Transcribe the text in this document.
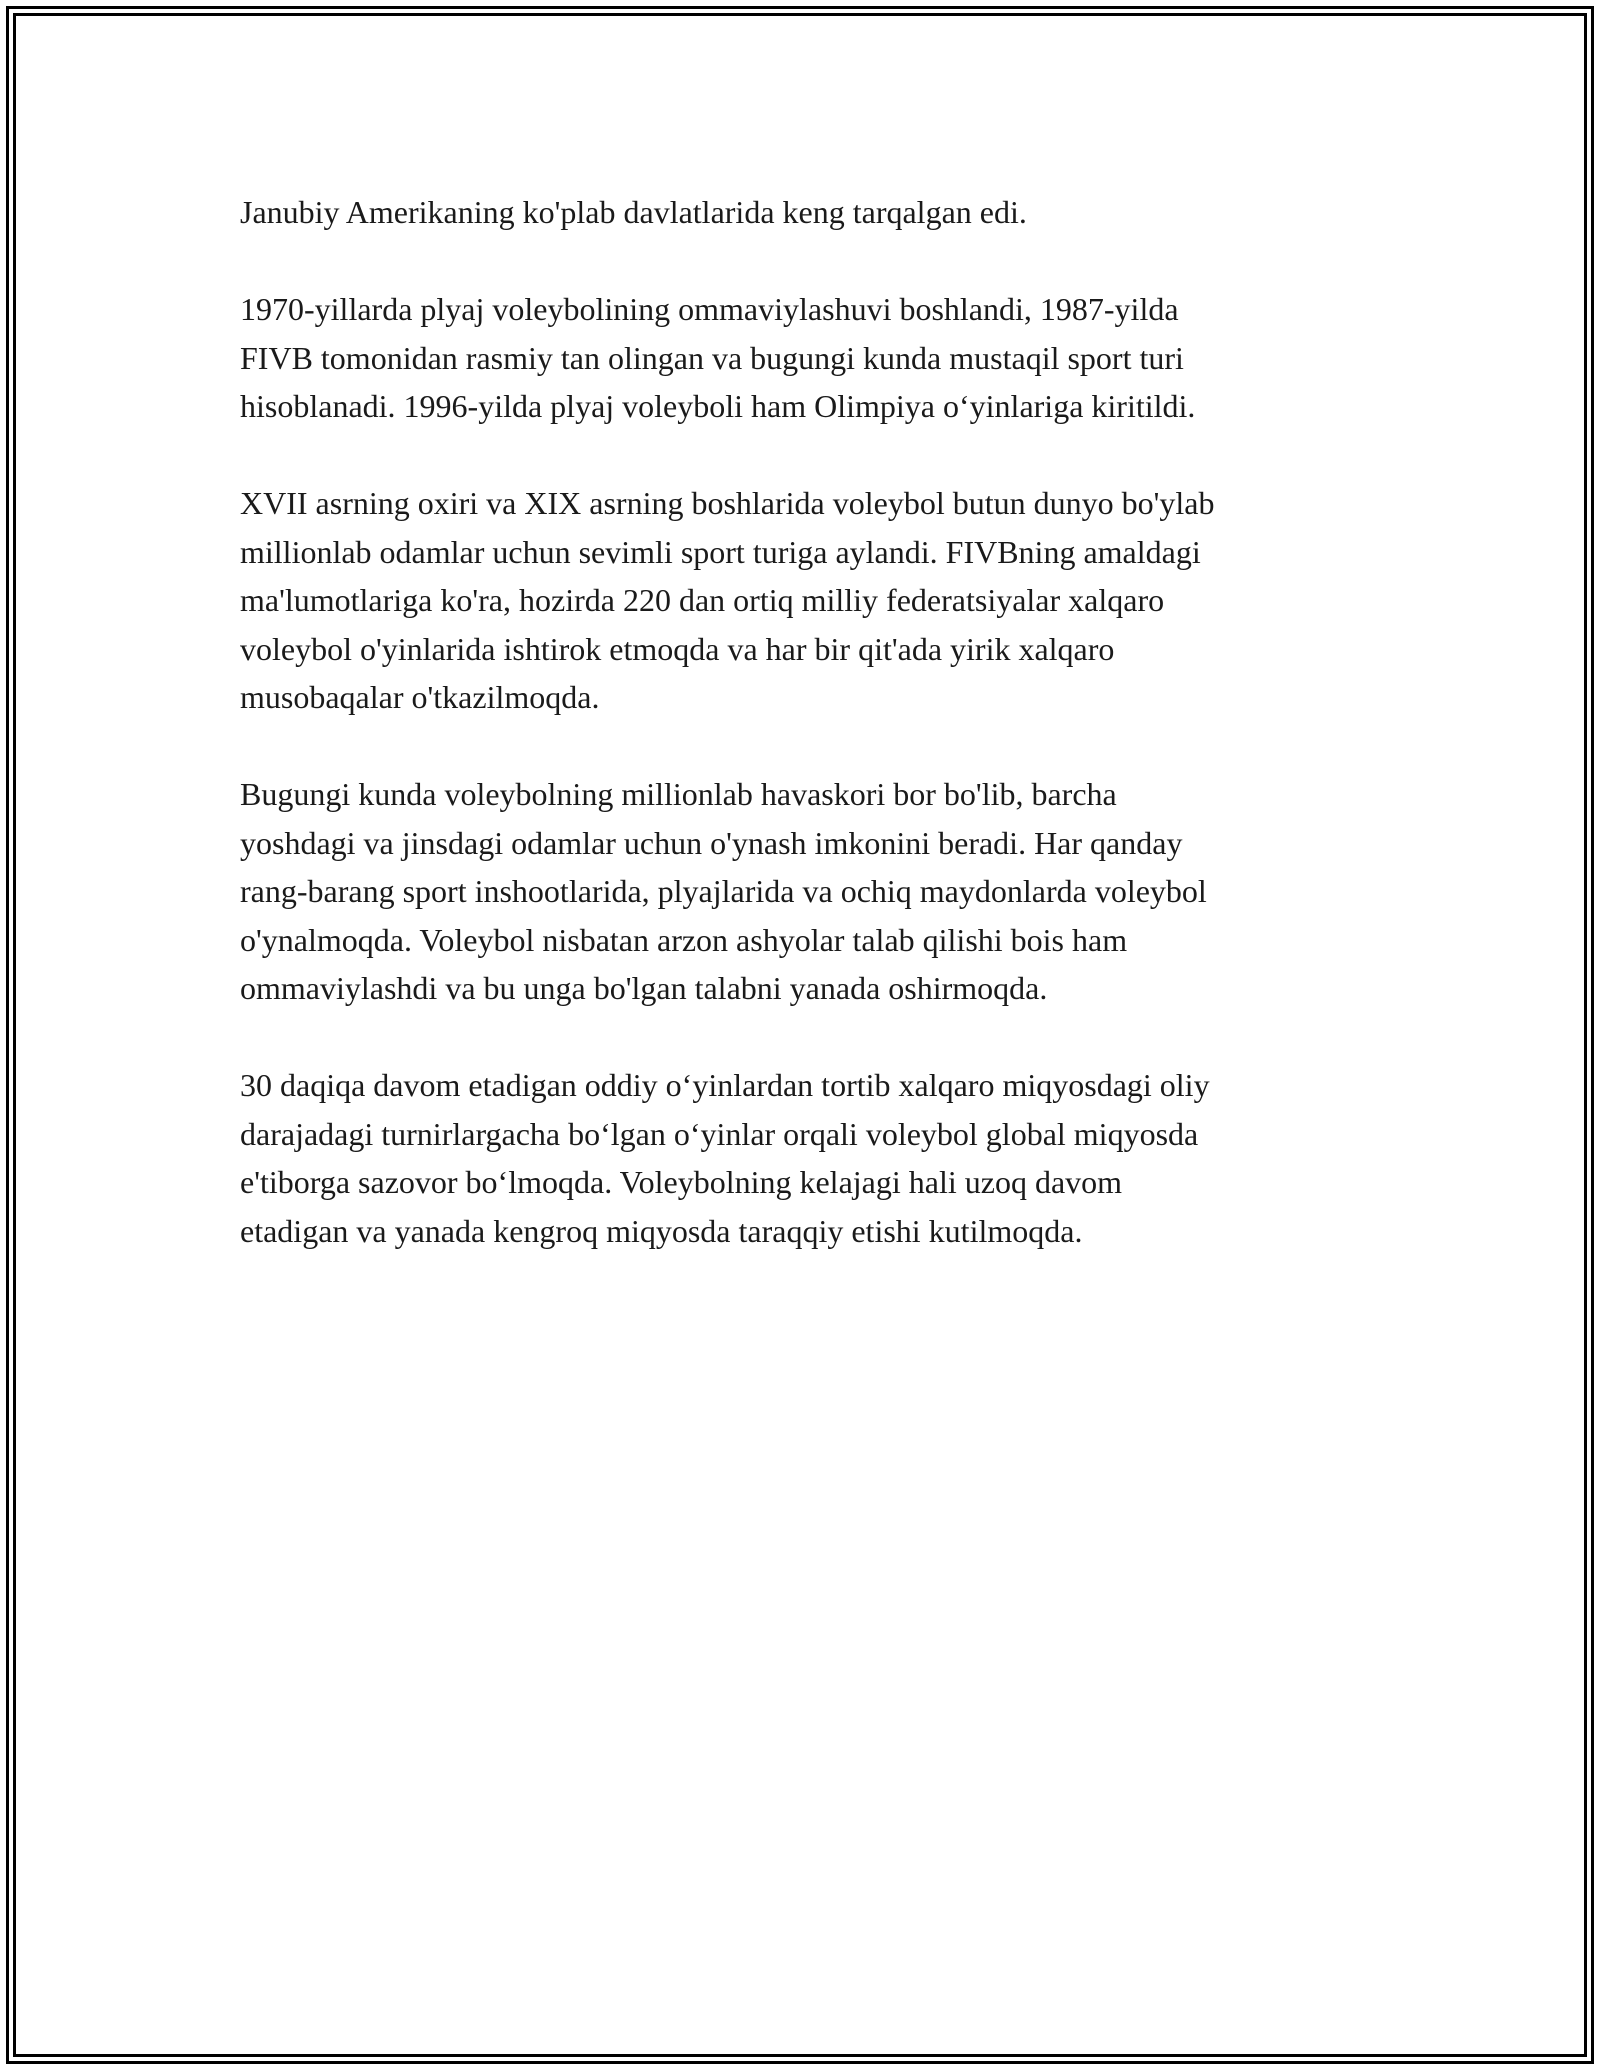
Janubiy Amerikaning ko'plab davlatlarida keng tarqalgan edi.

1970-yillarda plyaj voleybolining ommaviylashuvi boshlandi, 1987-yilda
FIVB tomonidan rasmiy tan olingan va bugungi kunda mustaqil sport turi
hisoblanadi. 1996-yilda plyaj voleyboli ham Olimpiya o‘yinlariga kiritildi.

XVII asrning oxiri va XIX asrning boshlarida voleybol butun dunyo bo'ylab
millionlab odamlar uchun sevimli sport turiga aylandi. FIVBning amaldagi
ma'lumotlariga ko'ra, hozirda 220 dan ortiq milliy federatsiyalar xalqaro
voleybol o'yinlarida ishtirok etmoqda va har bir qit'ada yirik xalqaro
musobaqalar o'tkazilmoqda.

Bugungi kunda voleybolning millionlab havaskori bor bo'lib, barcha
yoshdagi va jinsdagi odamlar uchun o'ynash imkonini beradi. Har qanday
rang-barang sport inshootlarida, plyajlarida va ochiq maydonlarda voleybol
o'ynalmoqda. Voleybol nisbatan arzon ashyolar talab qilishi bois ham
ommaviylashdi va bu unga bo'lgan talabni yanada oshirmoqda.

30 daqiqa davom etadigan oddiy o‘yinlardan tortib xalqaro miqyosdagi oliy
darajadagi turnirlargacha bo‘lgan o‘yinlar orqali voleybol global miqyosda
e'tiborga sazovor bo‘lmoqda. Voleybolning kelajagi hali uzoq davom
etadigan va yanada kengroq miqyosda taraqqiy etishi kutilmoqda.
